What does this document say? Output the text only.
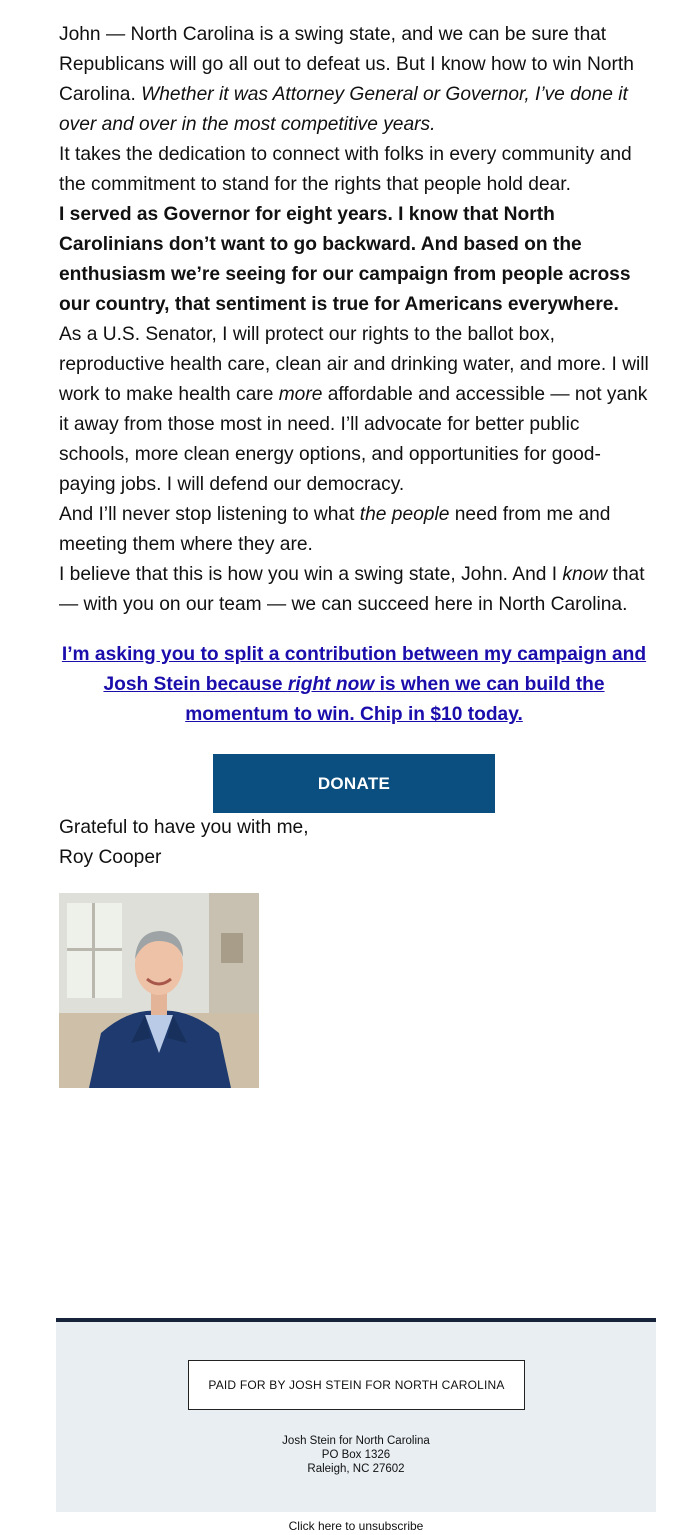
John — North Carolina is a swing state, and we can be sure that Republicans will go all out to defeat us. But I know how to win North Carolina. Whether it was Attorney General or Governor, I’ve done it over and over in the most competitive years.

It takes the dedication to connect with folks in every community and the commitment to stand for the rights that people hold dear.

I served as Governor for eight years. I know that North Carolinians don’t want to go backward. And based on the enthusiasm we’re seeing for our campaign from people across our country, that sentiment is true for Americans everywhere.

As a U.S. Senator, I will protect our rights to the ballot box, reproductive health care, clean air and drinking water, and more. I will work to make health care more affordable and accessible — not yank it away from those most in need. I’ll advocate for better public schools, more clean energy options, and opportunities for good-paying jobs. I will defend our democracy.

And I’ll never stop listening to what the people need from me and meeting them where they are.

I believe that this is how you win a swing state, John. And I know that — with you on our team — we can succeed here in North Carolina.

I’m asking you to split a contribution between my campaign and Josh Stein because right now is when we can build the momentum to win. Chip in $10 today.

DONATE

Grateful to have you with me,

Roy Cooper

PAID FOR BY JOSH STEIN FOR NORTH CAROLINA
Josh Stein for North Carolina
PO Box 1326
Raleigh, NC 27602
Click here to unsubscribe
